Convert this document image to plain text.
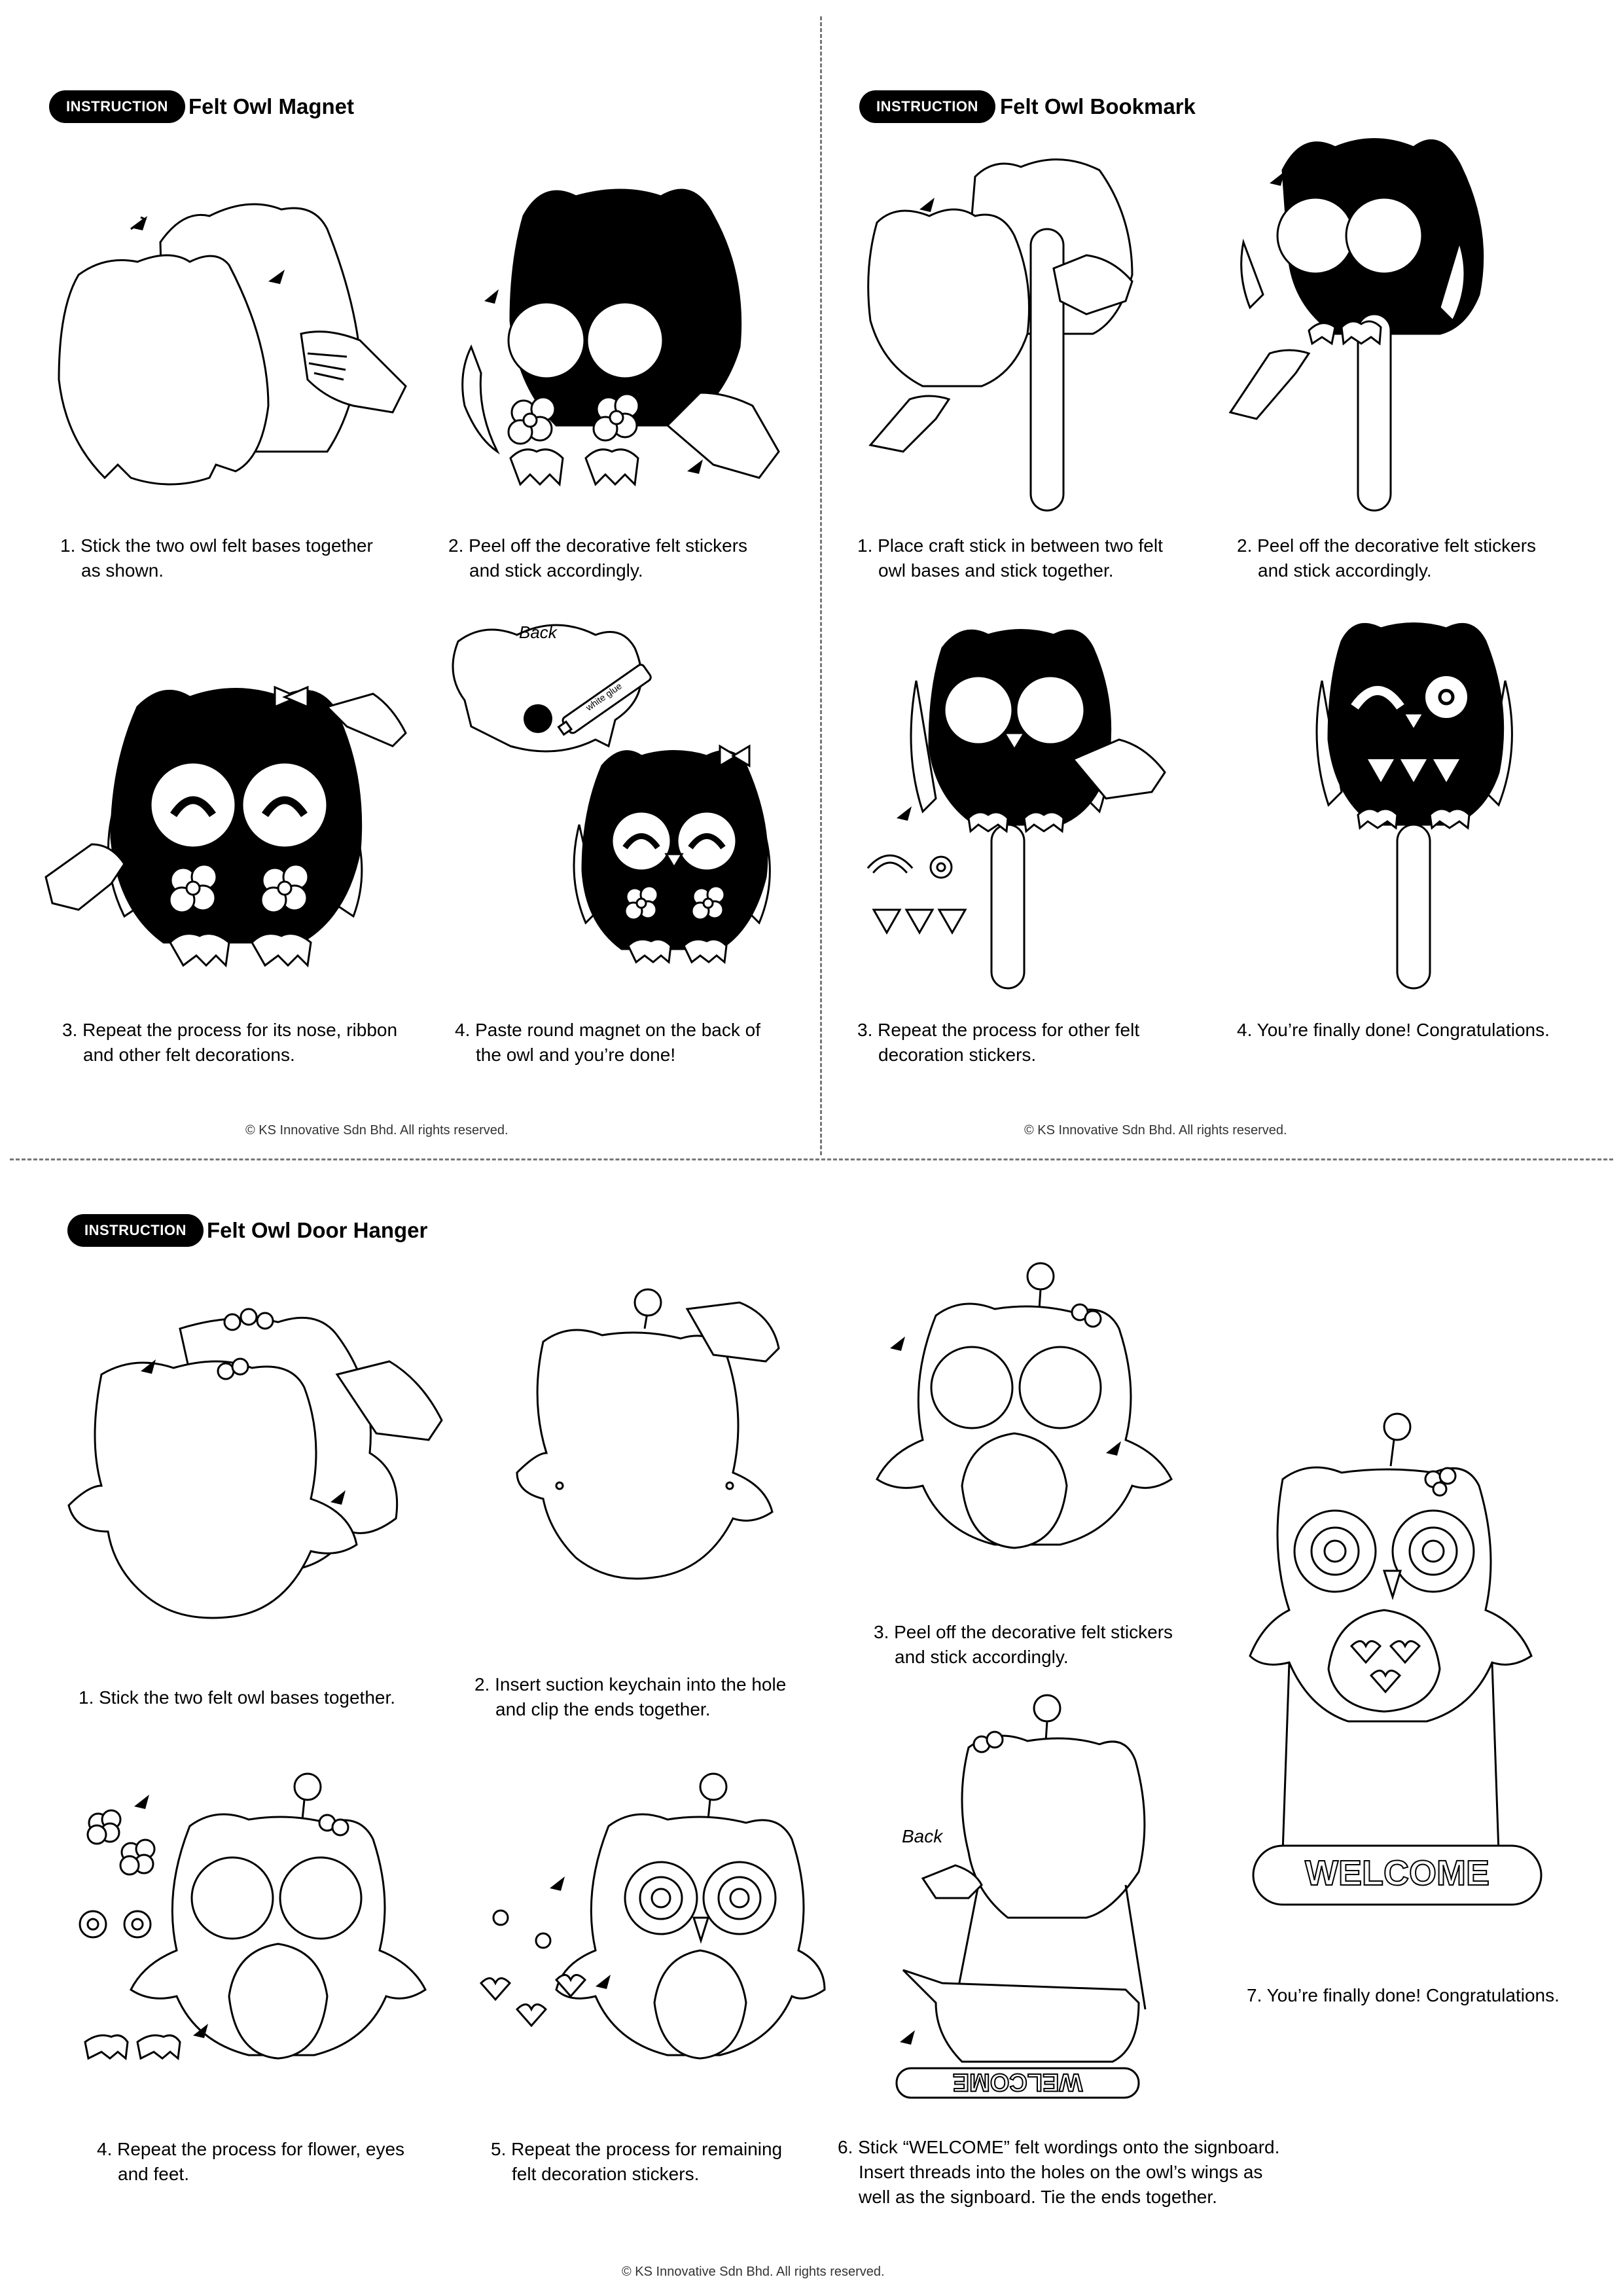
INSTRUCTION Felt Owl Magnet
1. Stick the two owl felt bases together
as shown.
2. Peel off the decorative felt stickers
and stick accordingly.
Back
white glue
3. Repeat the process for its nose, ribbon
and other felt decorations.
4. Paste round magnet on the back of
the owl and you’re done!
© KS Innovative Sdn Bhd. All rights reserved.
INSTRUCTION	Felt Owl Bookmark
1. Place craft stick in between two felt
owl bases and stick together.
2. Peel off the decorative felt stickers
and stick accordingly.
3. Repeat the process for other felt
decoration stickers.
4. You’re finally done! Congratulations.
© KS Innovative Sdn Bhd. All rights reserved.
INSTRUCTION Felt Owl Door Hanger
WELCOME
1. Stick the two felt owl bases together.
2. Insert suction keychain into the hole
and clip the ends together.
3. Peel off the decorative felt stickers
and stick accordingly.
7. You’re finally done! Congratulations.
WELCOME
Back
4. Repeat the process for flower, eyes
and feet.
5. Repeat the process for remaining
felt decoration stickers.
6. Stick “WELCOME” felt wordings onto the signboard.
Insert threads into the holes on the owl’s wings as
well as the signboard. Tie the ends together.
© KS Innovative Sdn Bhd. All rights reserved.
